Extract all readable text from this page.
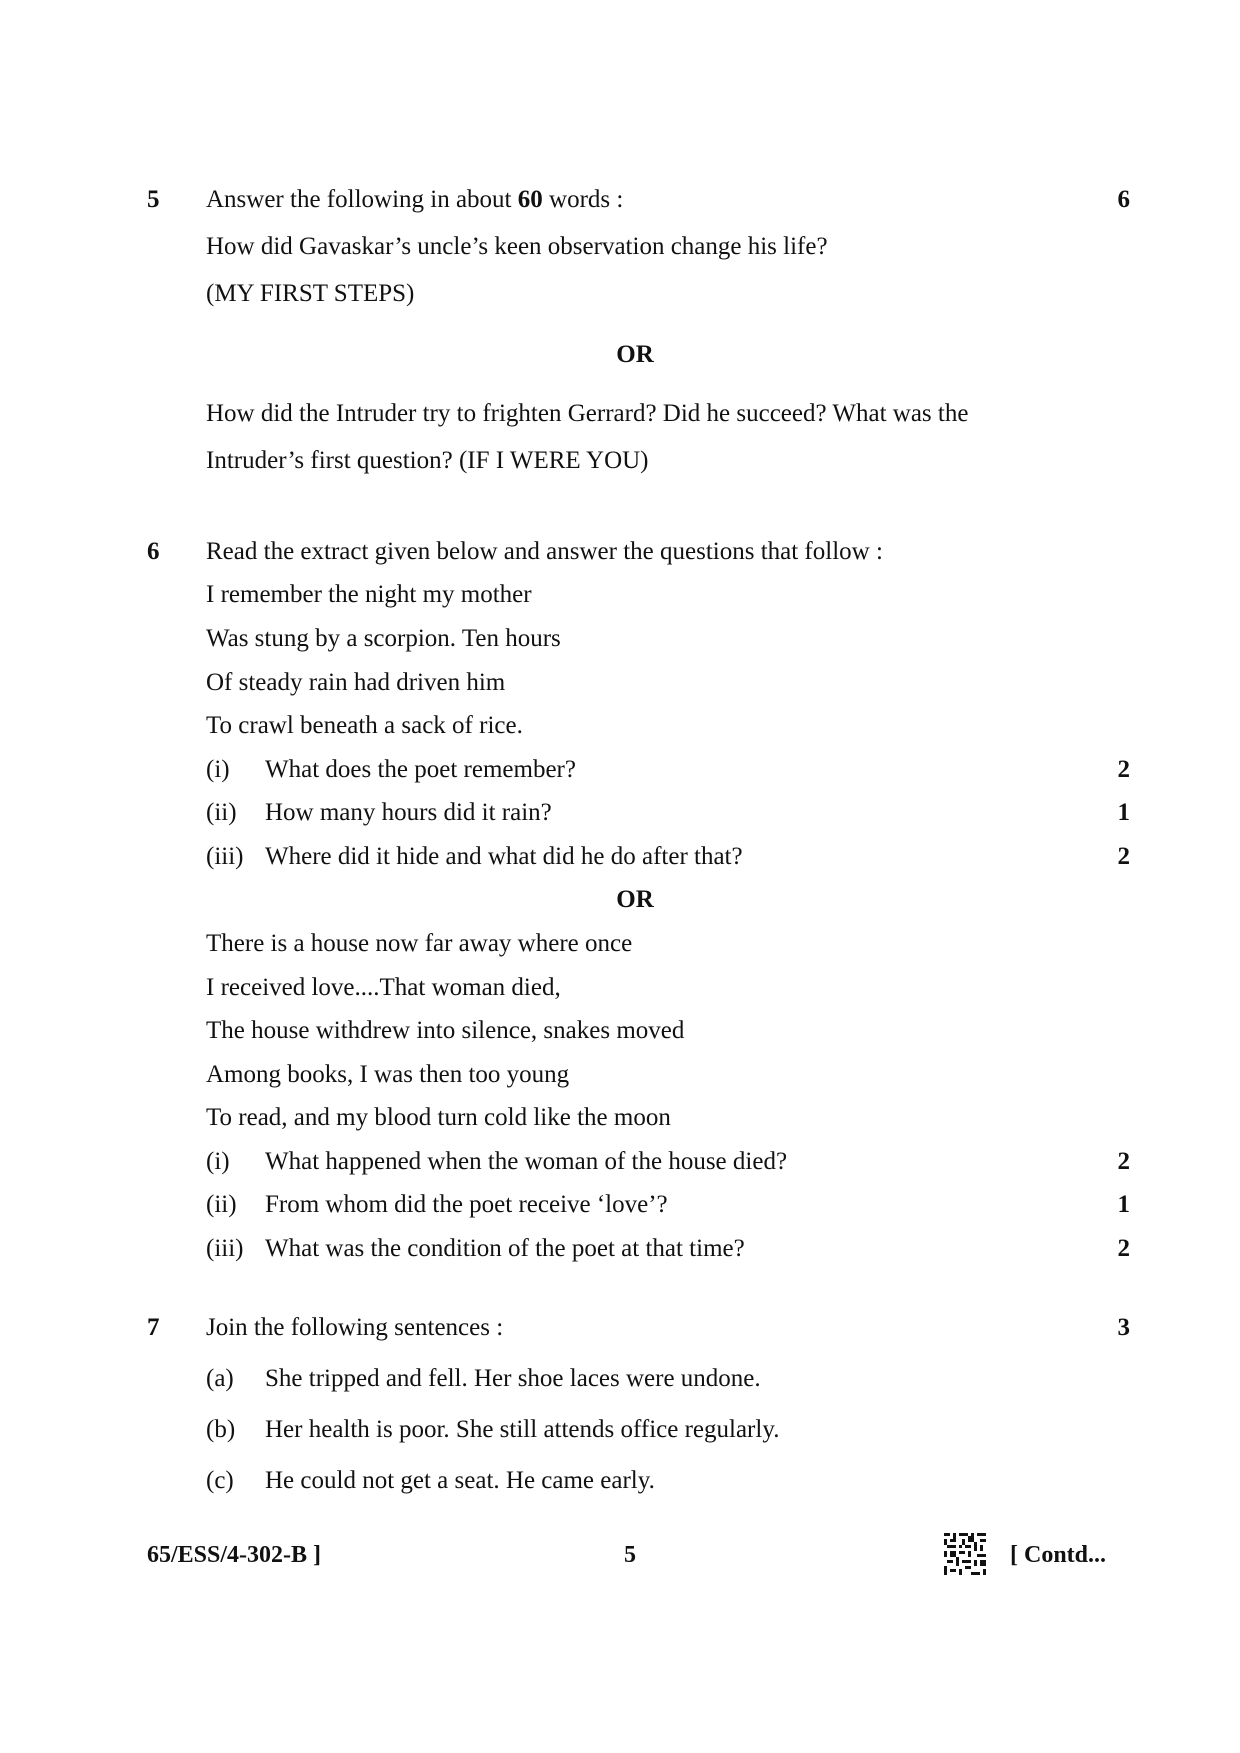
5 Answer the following in about 60 words :	6
How did Gavaskar’s uncle’s keen observation change his life?
(MY FIRST STEPS)
OR
How did the Intruder try to frighten Gerrard? Did he succeed? What was the
Intruder’s first question? (IF I WERE YOU)
6 Read the extract given below and answer the questions that follow :
I remember the night my mother
Was stung by a scorpion. Ten hours
Of steady rain had driven him
To crawl beneath a sack of rice.
(i) What does the poet remember?	2
(ii) How many hours did it rain?	1
(iii) Where did it hide and what did he do after that?	2
OR
There is a house now far away where once
I received love....That woman died,
The house withdrew into silence, snakes moved
Among books, I was then too young
To read, and my blood turn cold like the moon
(i) What happened when the woman of the house died?	2
(ii) From whom did the poet receive ‘love’?	1
(iii) What was the condition of the poet at that time?	2
7 Join the following sentences :	3
(a) She tripped and fell. Her shoe laces were undone.
(b) Her health is poor. She still attends office regularly.
(c) He could not get a seat. He came early.
65/ESS/4-302-B ]	5	[ Contd...
